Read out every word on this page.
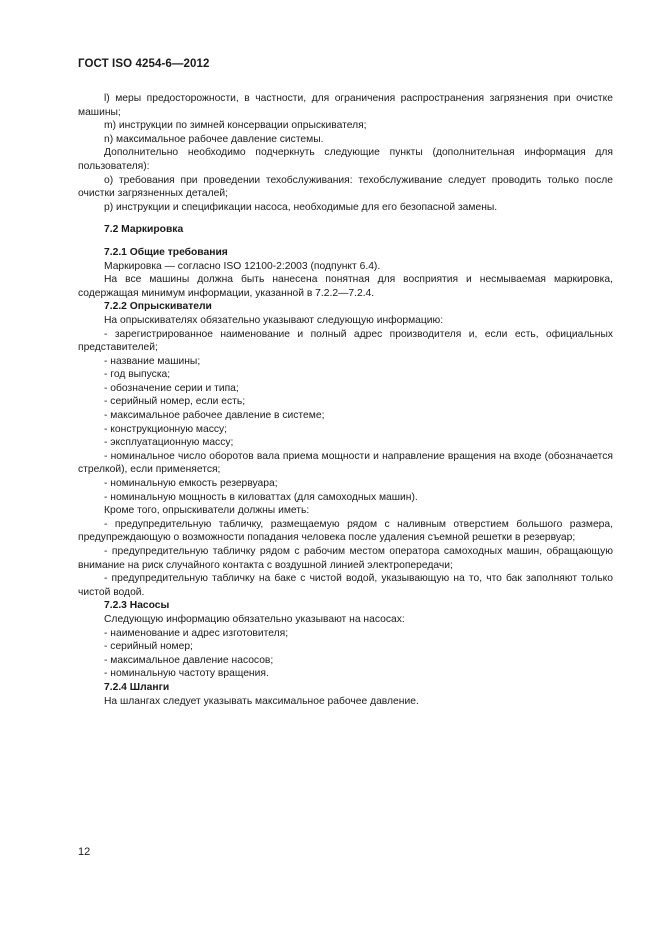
ГОСТ ISO 4254-6—2012

l) меры предосторожности, в частности, для ограничения распространения загрязнения при очистке машины;

m) инструкции по зимней консервации опрыскивателя;

n) максимальное рабочее давление системы.

Дополнительно необходимо подчеркнуть следующие пункты (дополнительная информация для пользователя):

o) требования при проведении техобслуживания: техобслуживание следует проводить только после очистки загрязненных деталей;

p) инструкции и спецификации насоса, необходимые для его безопасной замены.

7.2 Маркировка

7.2.1 Общие требования

Маркировка — согласно ISO 12100-2:2003 (подпункт 6.4).

На все машины должна быть нанесена понятная для восприятия и несмываемая маркировка, содержащая минимум информации, указанной в 7.2.2—7.2.4.

7.2.2 Опрыскиватели

На опрыскивателях обязательно указывают следующую информацию:

- зарегистрированное наименование и полный адрес производителя и, если есть, официальных представителей;

- название машины;

- год выпуска;

- обозначение серии и типа;

- серийный номер, если есть;

- максимальное рабочее давление в системе;

- конструкционную массу;

- эксплуатационную массу;

- номинальное число оборотов вала приема мощности и направление вращения на входе (обозначается стрелкой), если применяется;

- номинальную емкость резервуара;

- номинальную мощность в киловаттах (для самоходных машин).

Кроме того, опрыскиватели должны иметь:

- предупредительную табличку, размещаемую рядом с наливным отверстием большого размера, предупреждающую о возможности попадания человека после удаления съемной решетки в резервуар;

- предупредительную табличку рядом с рабочим местом оператора самоходных машин, обращающую внимание на риск случайного контакта с воздушной линией электропередачи;

- предупредительную табличку на баке с чистой водой, указывающую на то, что бак заполняют только чистой водой.

7.2.3 Насосы

Следующую информацию обязательно указывают на насосах:

- наименование и адрес изготовителя;

- серийный номер;

- максимальное давление насосов;

- номинальную частоту вращения.

7.2.4 Шланги

На шлангах следует указывать максимальное рабочее давление.

12
